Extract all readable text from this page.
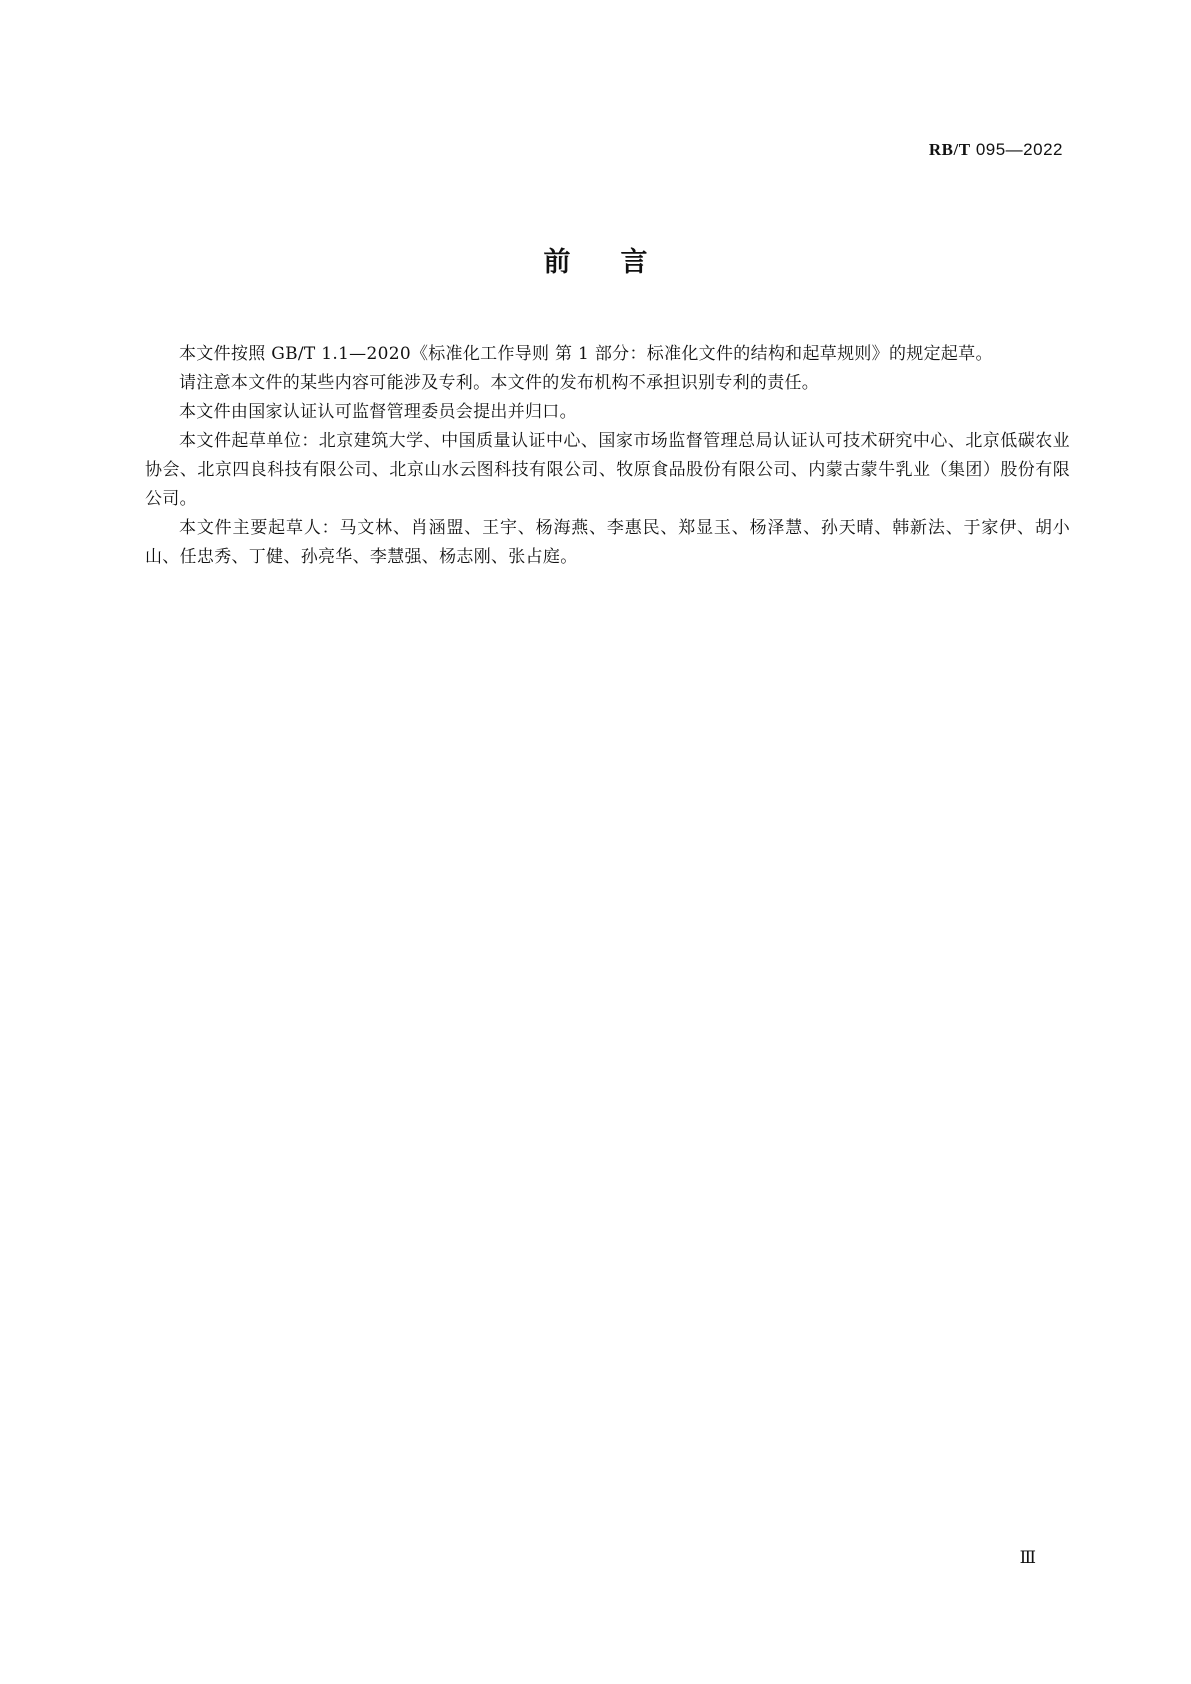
RB/T 095—2022
前言

本文件按照 GB/T 1.1—2020《标准化工作导则 第 1 部分：标准化文件的结构和起草规则》的规定起草。

请注意本文件的某些内容可能涉及专利。本文件的发布机构不承担识别专利的责任。

本文件由国家认证认可监督管理委员会提出并归口。

本文件起草单位：北京建筑大学、中国质量认证中心、国家市场监督管理总局认证认可技术研究中心、北京低碳农业协会、北京四良科技有限公司、北京山水云图科技有限公司、牧原食品股份有限公司、内蒙古蒙牛乳业（集团）股份有限公司。

本文件主要起草人：马文林、肖涵盟、王宇、杨海燕、李惠民、郑显玉、杨泽慧、孙天晴、韩新法、于家伊、胡小山、任忠秀、丁健、孙亮华、李慧强、杨志刚、张占庭。

Ⅲ
